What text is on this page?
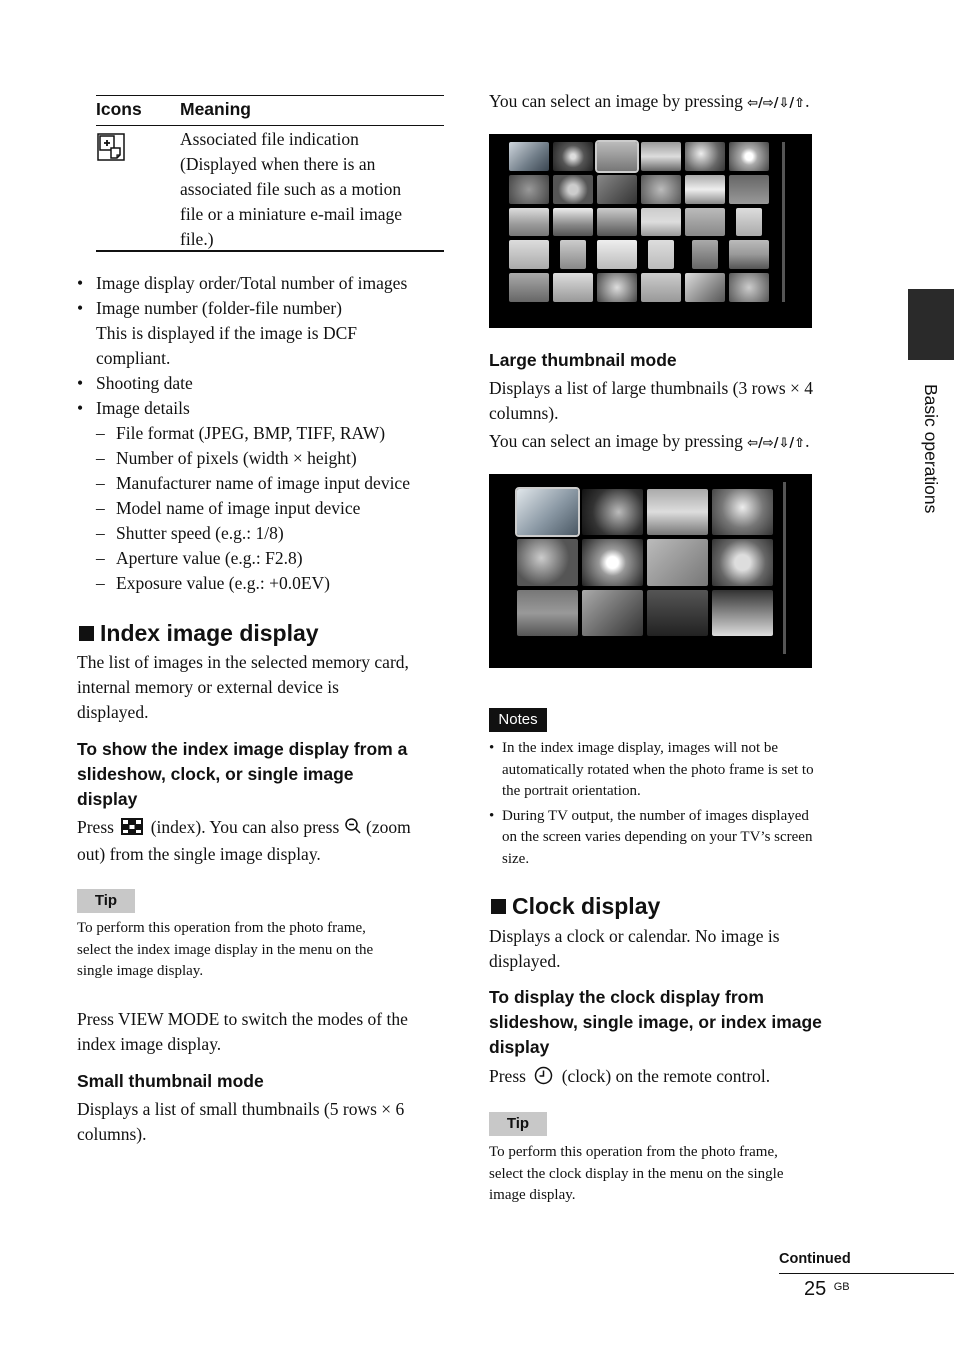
Icons Meaning
Associated file indication
(Displayed when there is an
associated file such as a motion
file or a miniature e-mail image
file.)
• Image display order/Total number of images
• Image number (folder-file number)
This is displayed if the image is DCF
compliant.
• Shooting date
• Image details
– File format (JPEG, BMP, TIFF, RAW)
– Number of pixels (width × height)
– Manufacturer name of image input device
– Model name of image input device
– Shutter speed (e.g.: 1/8)
– Aperture value (e.g.: F2.8)
– Exposure value (e.g.: +0.0EV)
Index image display
The list of images in the selected memory card,
internal memory or external device is
displayed.
To show the index image display from a
slideshow, clock, or single image
display
Press (index). You can also press (zoom
out) from the single image display.
Tip
To perform this operation from the photo frame,
select the index image display in the menu on the
single image display.
Press VIEW MODE to switch the modes of the
index image display.
Small thumbnail mode
Displays a list of small thumbnails (5 rows × 6
columns).
You can select an image by pressing ⇦/⇨/⇩/⇧.
Large thumbnail mode
Displays a list of large thumbnails (3 rows × 4
columns).
You can select an image by pressing ⇦/⇨/⇩/⇧.
Notes
• In the index image display, images will not be
automatically rotated when the photo frame is set to
the portrait orientation.
• During TV output, the number of images displayed
on the screen varies depending on your TV’s screen
size.
Clock display
Displays a clock or calendar. No image is
displayed.
To display the clock display from
slideshow, single image, or index image
display
Press (clock) on the remote control.
Tip
To perform this operation from the photo frame,
select the clock display in the menu on the single
image display.
Basic operations
Continued
25 $^{GB}$
